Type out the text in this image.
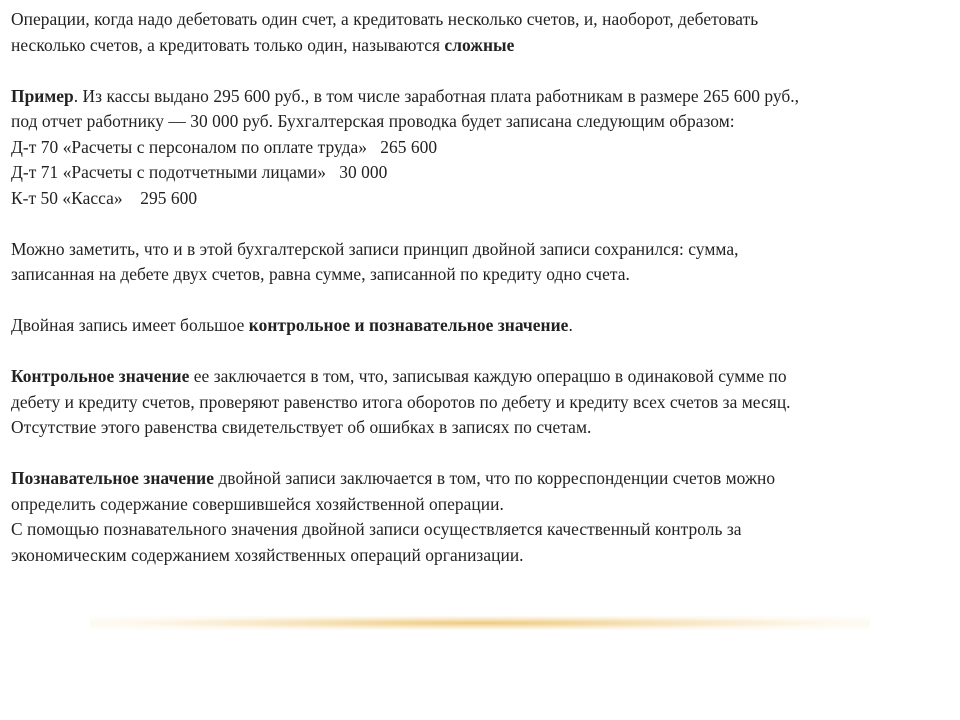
Операции, когда надо дебетовать один счет, а кредитовать несколько счетов, и, наоборот, дебетовать
несколько счетов, а кредитовать только один, называются сложные

Пример. Из кассы выдано 295 600 руб., в том числе заработная плата работникам в размере 265 600 руб.,
под отчет работнику — 30 000 руб. Бухгалтерская проводка будет записана следующим образом:
Д-т 70 «Расчеты с персоналом по оплате труда» 265 600
Д-т 71 «Расчеты с подотчетными лицами» 30 000
К-т 50 «Касса» 295 600

Можно заметить, что и в этой бухгалтерской записи принцип двойной записи сохранился: сумма,
записанная на дебете двух счетов, равна сумме, записанной по кредиту одно счета.

Двойная запись имеет большое контрольное и познавательное значение.

Контрольное значение ее заключается в том, что, записывая каждую операцшо в одинаковой сумме по
дебету и кредиту счетов, проверяют равенство итога оборотов по дебету и кредиту всех счетов за месяц.
Отсутствие этого равенства свидетельствует об ошибках в записях по счетам.

Познавательное значение двойной записи заключается в том, что по корреспонденции счетов можно
определить содержание совершившейся хозяйственной операции.
С помощью познавательного значения двойной записи осуществляется качественный контроль за
экономическим содержанием хозяйственных операций организации.
